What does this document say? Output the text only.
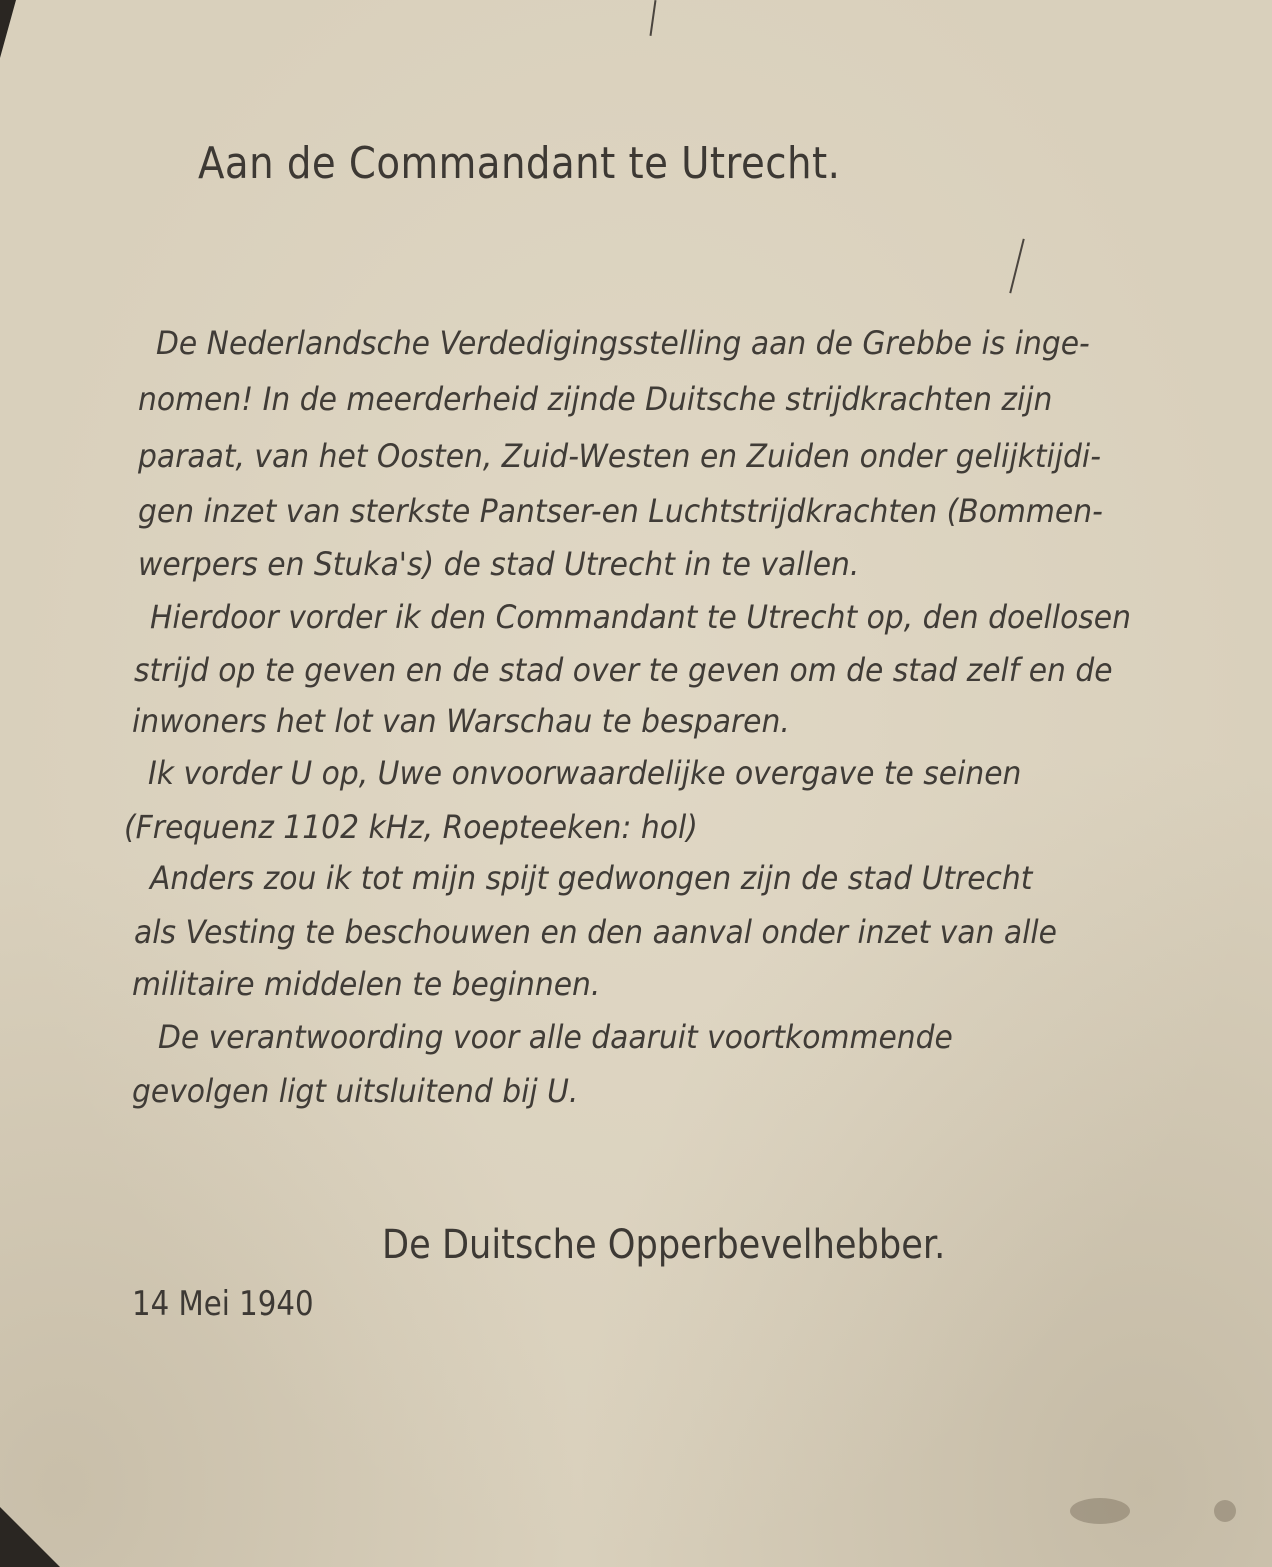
Aan de Commandant te Utrecht.
De Nederlandsche Verdedigingsstelling aan de Grebbe is inge-
nomen! In de meerderheid zijnde Duitsche strijdkrachten zijn
paraat, van het Oosten, Zuid-Westen en Zuiden onder gelijktijdi-
gen inzet van sterkste Pantser-en Luchtstrijdkrachten (Bommen-
werpers en Stuka's) de stad Utrecht in te vallen.
Hierdoor vorder ik den Commandant te Utrecht op, den doellosen
strijd op te geven en de stad over te geven om de stad zelf en de
inwoners het lot van Warschau te besparen.
Ik vorder U op, Uwe onvoorwaardelijke overgave te seinen
(Frequenz 1102 kHz, Roepteeken: hol)
Anders zou ik tot mijn spijt gedwongen zijn de stad Utrecht
als Vesting te beschouwen en den aanval onder inzet van alle
militaire middelen te beginnen.
De verantwoording voor alle daaruit voortkommende
gevolgen ligt uitsluitend bij U.
De Duitsche Opperbevelhebber.
14 Mei 1940
